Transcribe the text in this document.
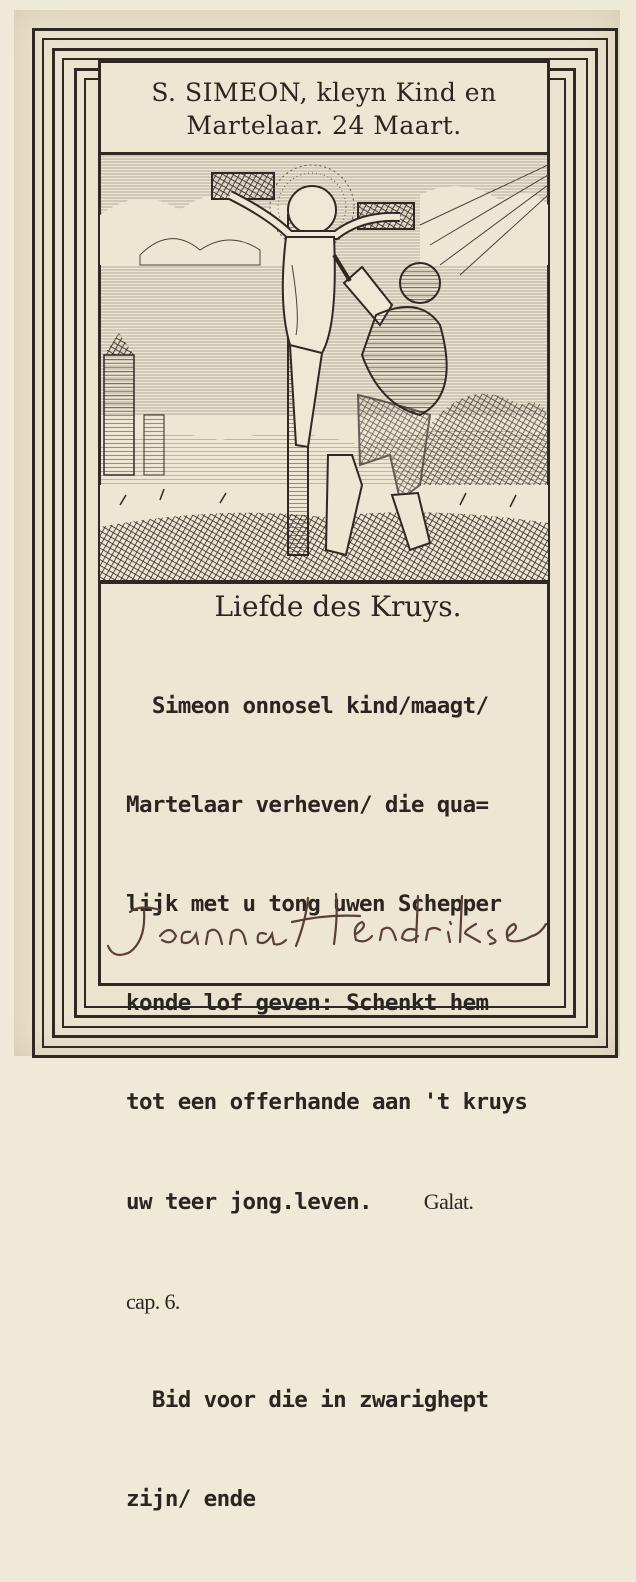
S. SIMEON, kleyn Kind en
Martelaar. 24 Maart.
Liefde des Kruys.

Simeon onnosel kind/maagt/

Martelaar verheven/ die qua=

lijk met u tong uwen Schepper

konde lof geven: Schenkt hem

tot een offerhande aan 't kruys

uw teer jong.leven. Galat.

cap. 6.

Bid voor die in zwarighept

zijn/ ende
